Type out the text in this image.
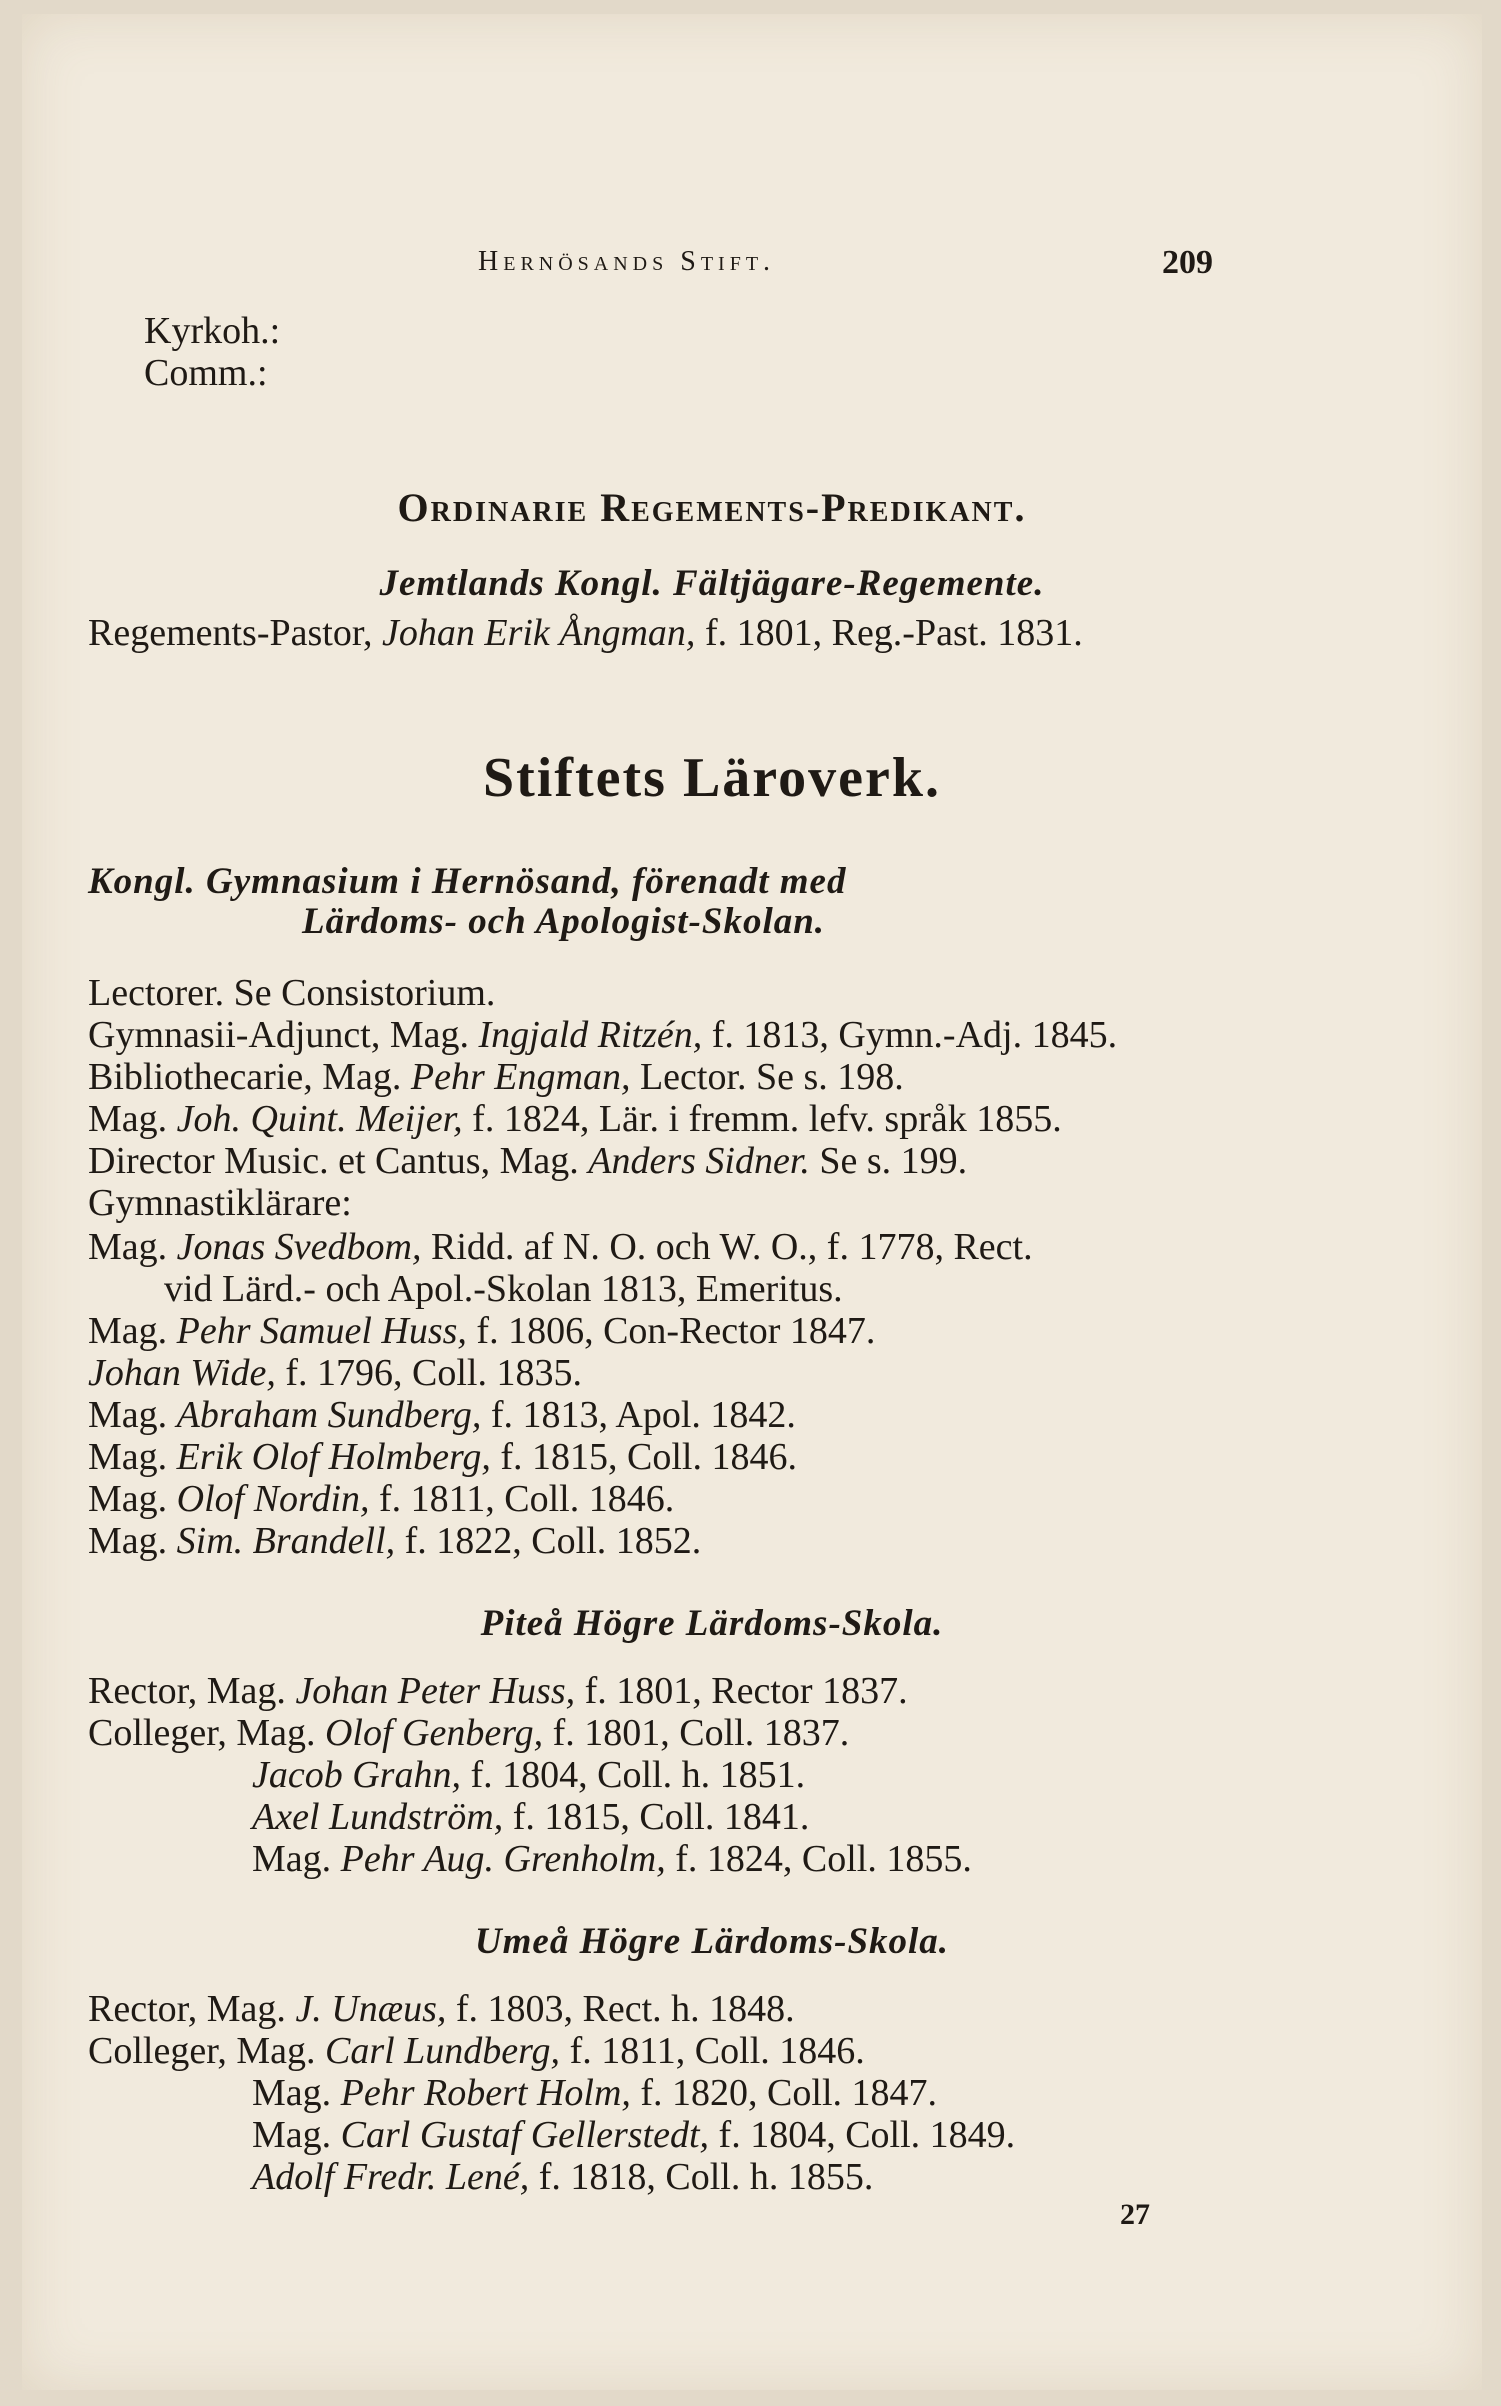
Hernösands Stift.	209
Kyrkoh.:
Comm.:
Ordinarie Regements-Predikant.
Jemtlands Kongl. Fältjägare-Regemente.
Regements-Pastor, Johan Erik Ångman, f. 1801, Reg.-Past. 1831.
Stiftets Läroverk.
Kongl. Gymnasium i Hernösand, förenadt med
Lärdoms- och Apologist-Skolan.
Lectorer. Se Consistorium.
Gymnasii-Adjunct, Mag. Ingjald Ritzén, f. 1813, Gymn.-Adj. 1845.
Bibliothecarie, Mag. Pehr Engman, Lector. Se s. 198.
Mag. Joh. Quint. Meijer, f. 1824, Lär. i fremm. lefv. språk 1855.
Director Music. et Cantus, Mag. Anders Sidner. Se s. 199.
Gymnastiklärare:
Mag. Jonas Svedbom, Ridd. af N. O. och W. O., f. 1778, Rect.
vid Lärd.- och Apol.-Skolan 1813, Emeritus.
Mag. Pehr Samuel Huss, f. 1806, Con-Rector 1847.
Johan Wide, f. 1796, Coll. 1835.
Mag. Abraham Sundberg, f. 1813, Apol. 1842.
Mag. Erik Olof Holmberg, f. 1815, Coll. 1846.
Mag. Olof Nordin, f. 1811, Coll. 1846.
Mag. Sim. Brandell, f. 1822, Coll. 1852.
Piteå Högre Lärdoms-Skola.
Rector, Mag. Johan Peter Huss, f. 1801, Rector 1837.
Colleger, Mag. Olof Genberg, f. 1801, Coll. 1837.
Jacob Grahn, f. 1804, Coll. h. 1851.
Axel Lundström, f. 1815, Coll. 1841.
Mag. Pehr Aug. Grenholm, f. 1824, Coll. 1855.
Umeå Högre Lärdoms-Skola.
Rector, Mag. J. Unæus, f. 1803, Rect. h. 1848.
Colleger, Mag. Carl Lundberg, f. 1811, Coll. 1846.
Mag. Pehr Robert Holm, f. 1820, Coll. 1847.
Mag. Carl Gustaf Gellerstedt, f. 1804, Coll. 1849.
Adolf Fredr. Lené, f. 1818, Coll. h. 1855.
27
